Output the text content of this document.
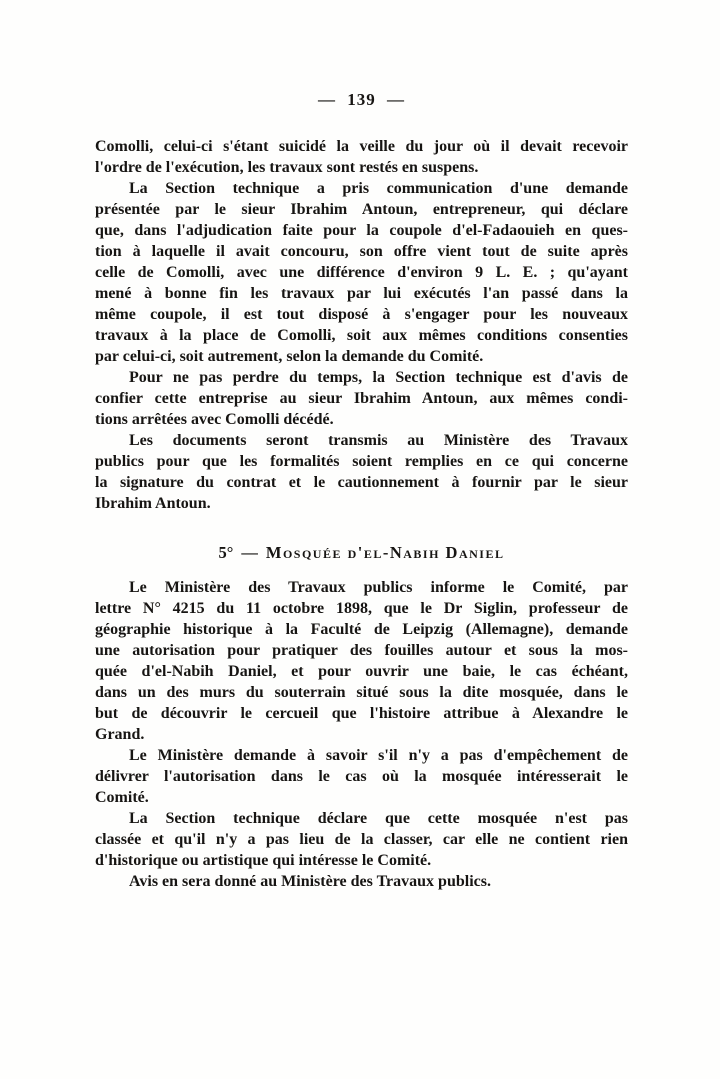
— 139 —
Comolli, celui-ci s'étant suicidé la veille du jour où il devait recevoir
l'ordre de l'exécution, les travaux sont restés en suspens.
La Section technique a pris communication d'une demande
présentée par le sieur Ibrahim Antoun, entrepreneur, qui déclare
que, dans l'adjudication faite pour la coupole d'el-Fadaouieh en ques-
tion à laquelle il avait concouru, son offre vient tout de suite après
celle de Comolli, avec une différence d'environ 9 L. E. ; qu'ayant
mené à bonne fin les travaux par lui exécutés l'an passé dans la
même coupole, il est tout disposé à s'engager pour les nouveaux
travaux à la place de Comolli, soit aux mêmes conditions consenties
par celui-ci, soit autrement, selon la demande du Comité.
Pour ne pas perdre du temps, la Section technique est d'avis de
confier cette entreprise au sieur Ibrahim Antoun, aux mêmes condi-
tions arrêtées avec Comolli décédé.
Les documents seront transmis au Ministère des Travaux
publics pour que les formalités soient remplies en ce qui concerne
la signature du contrat et le cautionnement à fournir par le sieur
Ibrahim Antoun.
5° — Mosquée d'el-Nabih Daniel
Le Ministère des Travaux publics informe le Comité, par
lettre N° 4215 du 11 octobre 1898, que le Dr Siglin, professeur de
géographie historique à la Faculté de Leipzig (Allemagne), demande
une autorisation pour pratiquer des fouilles autour et sous la mos-
quée d'el-Nabih Daniel, et pour ouvrir une baie, le cas échéant,
dans un des murs du souterrain situé sous la dite mosquée, dans le
but de découvrir le cercueil que l'histoire attribue à Alexandre le
Grand.
Le Ministère demande à savoir s'il n'y a pas d'empêchement de
délivrer l'autorisation dans le cas où la mosquée intéresserait le
Comité.
La Section technique déclare que cette mosquée n'est pas
classée et qu'il n'y a pas lieu de la classer, car elle ne contient rien
d'historique ou artistique qui intéresse le Comité.
Avis en sera donné au Ministère des Travaux publics.
